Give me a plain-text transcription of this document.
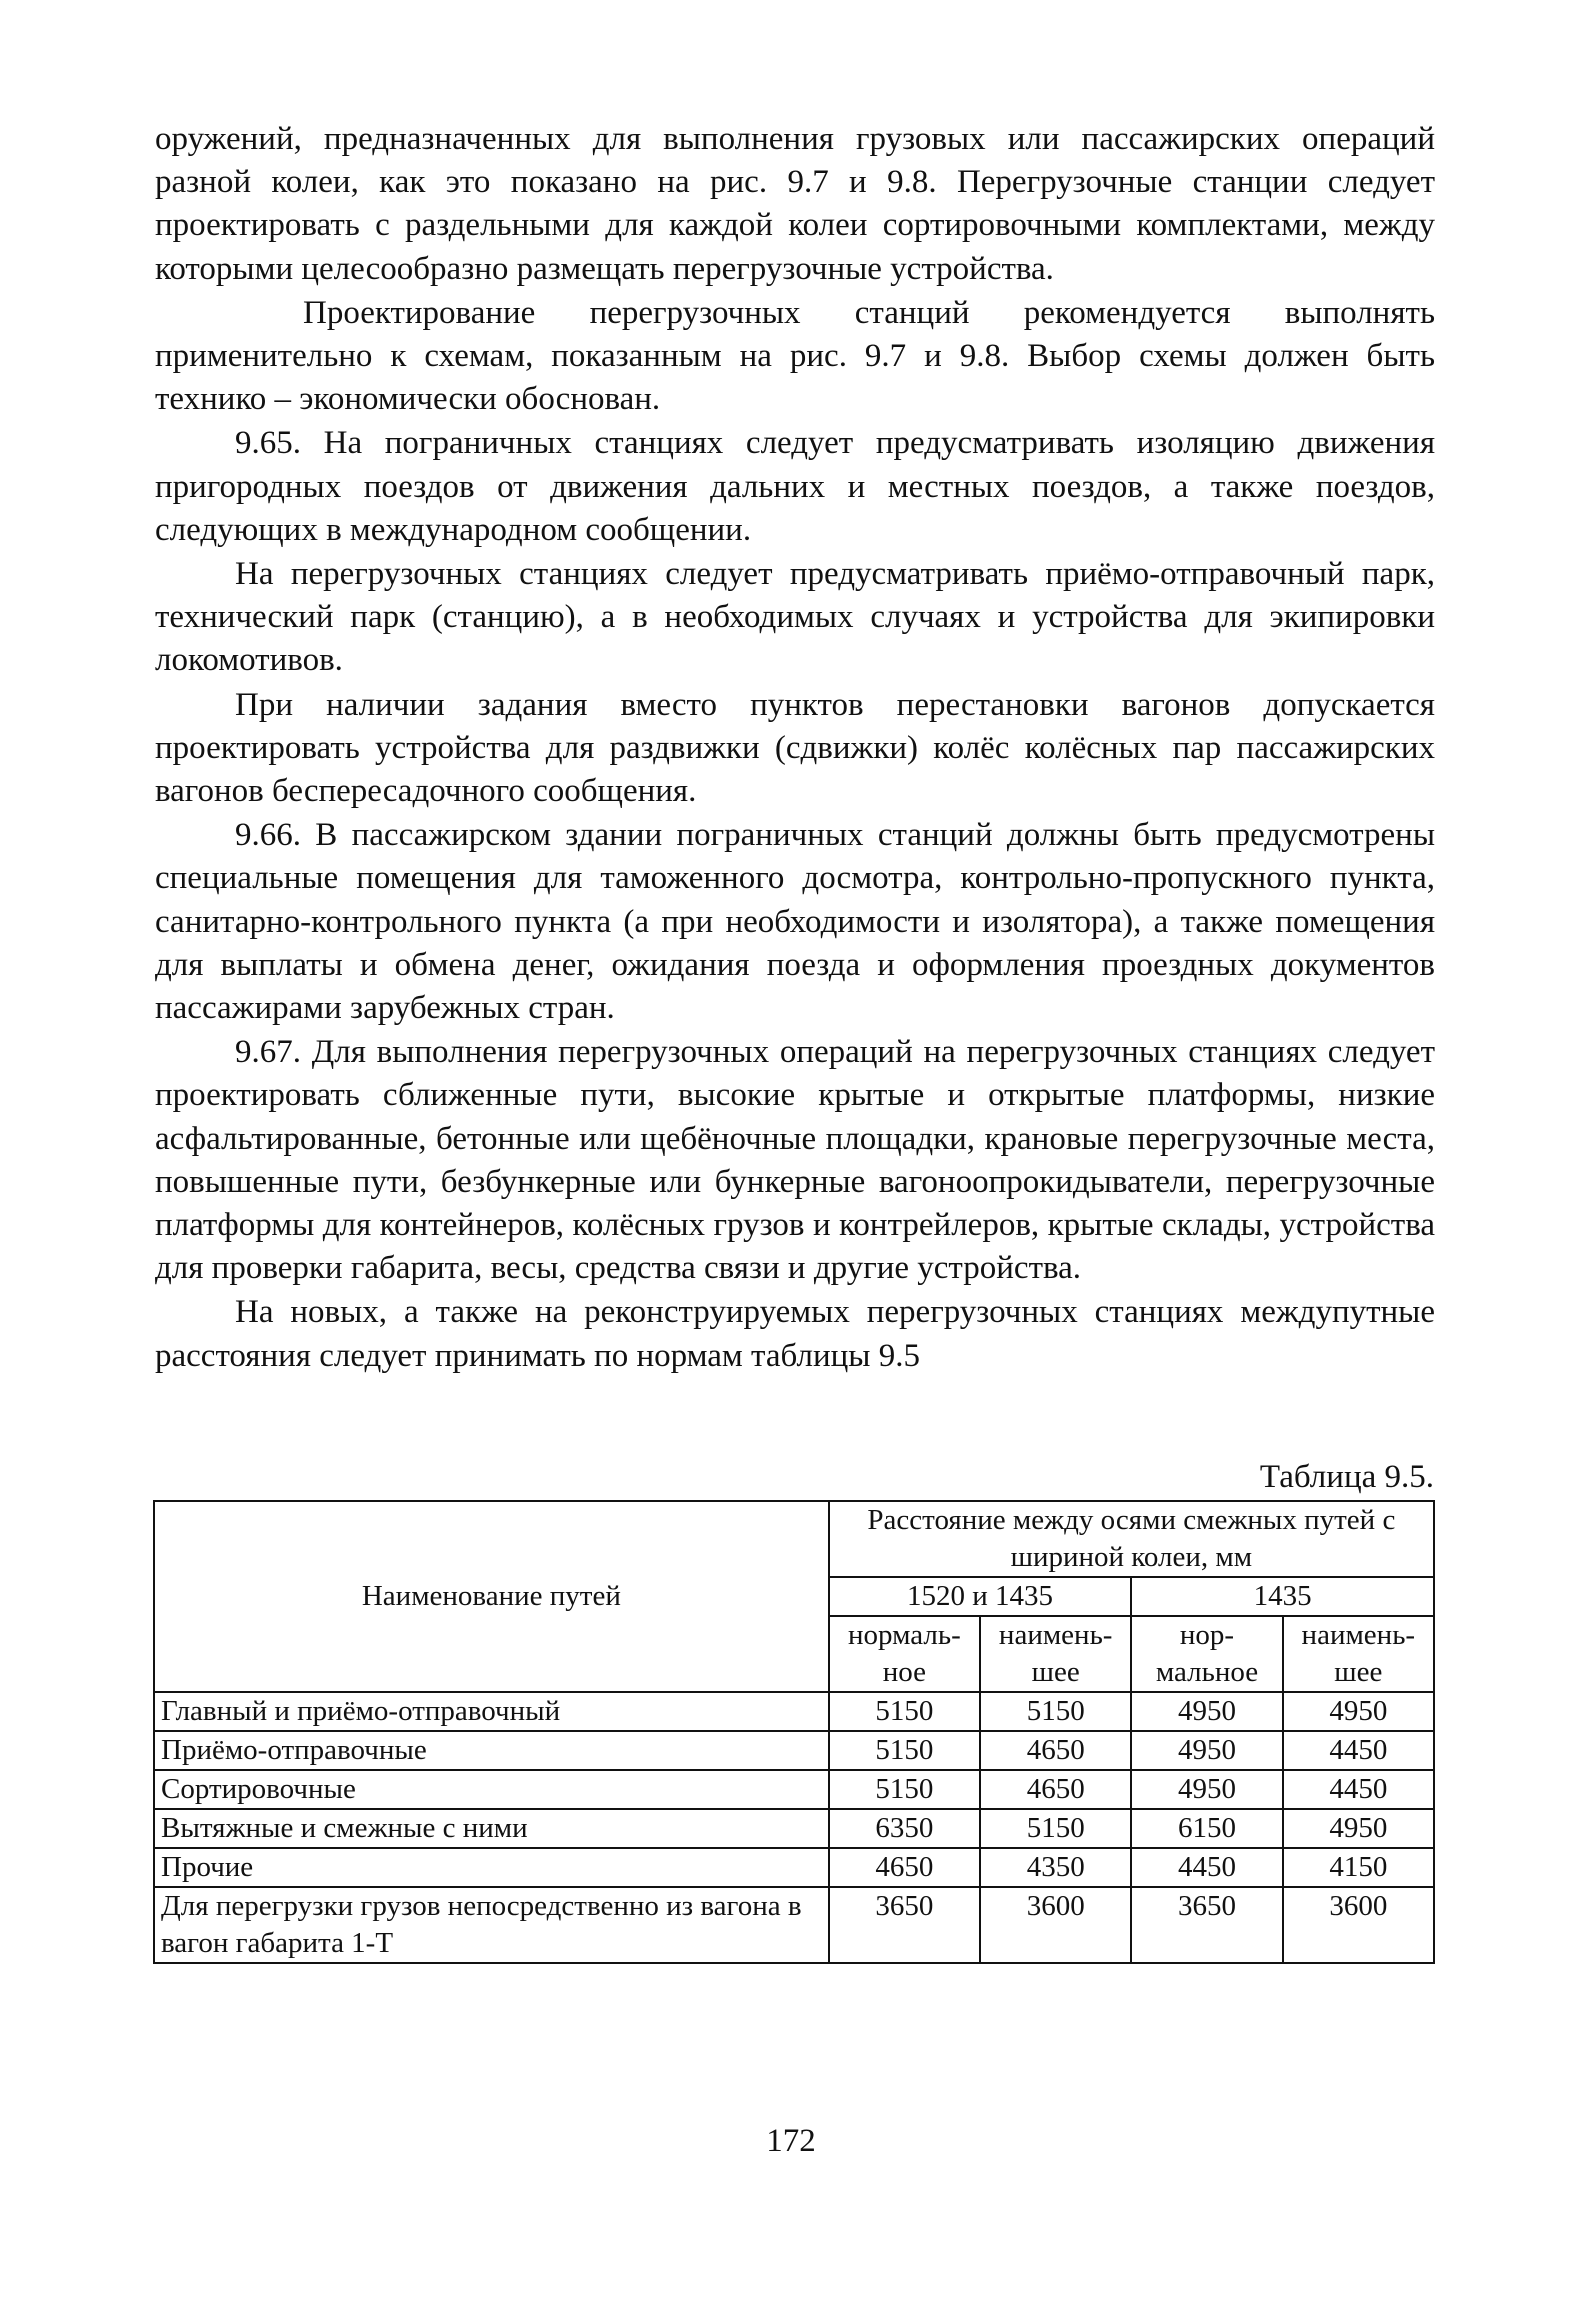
оружений, предназначенных для выполнения грузовых или пассажирских операций разной колеи, как это показано на рис. 9.7 и 9.8. Перегрузочные станции следует проектировать с раздельными для каждой колеи сортировочными комплектами, между которыми целесообразно размещать перегрузочные устройства.

Проектирование перегрузочных станций рекомендуется выполнять применительно к схемам, показанным на рис. 9.7 и 9.8. Выбор схемы должен быть технико – экономически обоснован.

9.65. На пограничных станциях следует предусматривать изоляцию движения пригородных поездов от движения дальних и местных поездов, а также поездов, следующих в международном сообщении.

На перегрузочных станциях следует предусматривать приёмо-отправочный парк, технический парк (станцию), а в необходимых случаях и устройства для экипировки локомотивов.

При наличии задания вместо пунктов перестановки вагонов допускается проектировать устройства для раздвижки (сдвижки) колёс колёсных пар пассажирских вагонов беспересадочного сообщения.

9.66. В пассажирском здании пограничных станций должны быть предусмотрены специальные помещения для таможенного досмотра, контрольно-пропускного пункта, санитарно-контрольного пункта (а при необходимости и изолятора), а также помещения для выплаты и обмена денег, ожидания поезда и оформления проездных документов пассажирами зарубежных стран.

9.67. Для выполнения перегрузочных операций на перегрузочных станциях следует проектировать сближенные пути, высокие крытые и открытые платформы, низкие асфальтированные, бетонные или щебёночные площадки, крановые перегрузочные места, повышенные пути, безбункерные или бункерные вагоноопрокидыватели, перегрузочные платформы для контейнеров, колёсных грузов и контрейлеров, крытые склады, устройства для проверки габарита, весы, средства связи и другие устройства.

На новых, а также на реконструируемых перегрузочных станциях междупутные расстояния следует принимать по нормам таблицы 9.5

Таблица 9.5.
Наименование путей	Расстояние между осями смежных путей с шириной колеи, мм			
	1520 и 1435		1435	
	нормаль-ное	наимень-шее	нор-мальное	наимень-шее
Главный и приёмо-отправочный	5150	5150	4950	4950
Приёмо-отправочные	5150	4650	4950	4450
Сортировочные	5150	4650	4950	4450
Вытяжные и смежные с ними	6350	5150	6150	4950
Прочие	4650	4350	4450	4150
Для перегрузки грузов непосредственно из вагона в вагон габарита 1-Т	3650	3600	3650	3600
172
